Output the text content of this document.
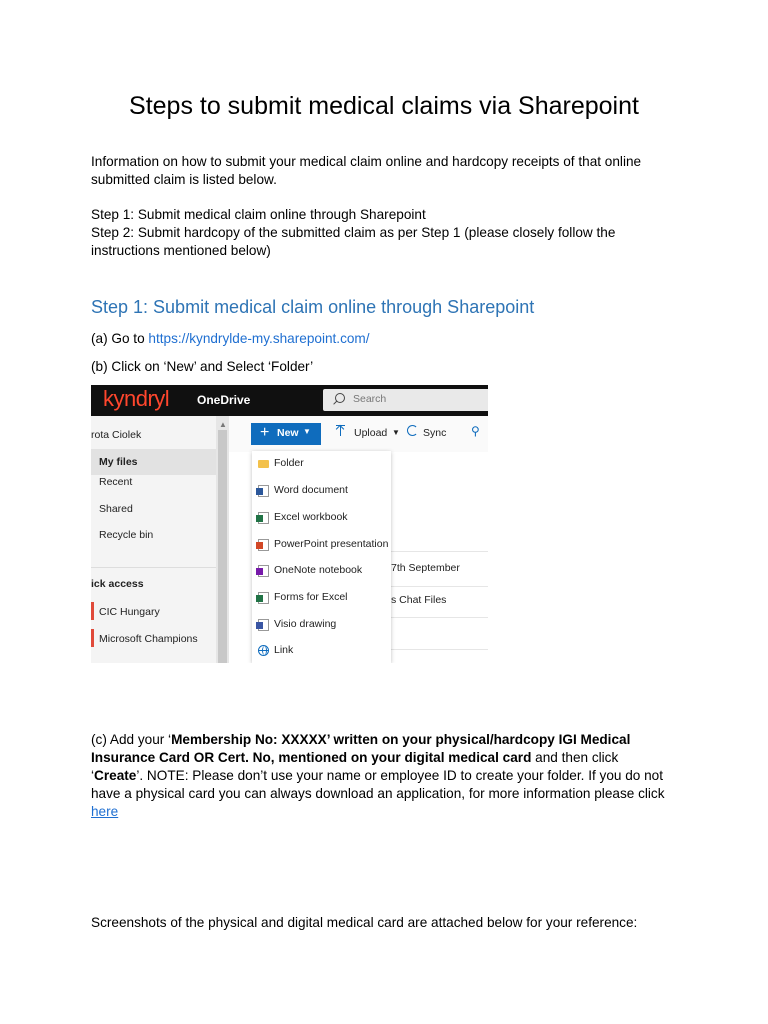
Steps to submit medical claims via Sharepoint

Information on how to submit your medical claim online and hardcopy receipts of that online

submitted claim is listed below.

Step 1: Submit medical claim online through Sharepoint

Step 2: Submit hardcopy of the submitted claim as per Step 1 (please closely follow the

instructions mentioned below)

Step 1: Submit medical claim online through Sharepoint

(a) Go to https://kyndrylde-my.sharepoint.com/

(b) Click on ‘New’ and Select ‘Folder’

kyndryl OneDrive	Search
rota Ciolek
My files
Recent
Shared
Recycle bin
ick access
CIC Hungary
Microsoft Champions
▲ + New ▼	Upload ▼ Sync ⚲
7th September
s Chat Files
Folder
Word document
Excel workbook
PowerPoint presentation
OneNote notebook
Forms for Excel
Visio drawing
Link

(c) Add your ‘Membership No: XXXXX’ written on your physical/hardcopy IGI Medical

Insurance Card OR Cert. No, mentioned on your digital medical card and then click

‘Create’. NOTE: Please don’t use your name or employee ID to create your folder. If you do not

have a physical card you can always download an application, for more information please click

here

Screenshots of the physical and digital medical card are attached below for your reference:
